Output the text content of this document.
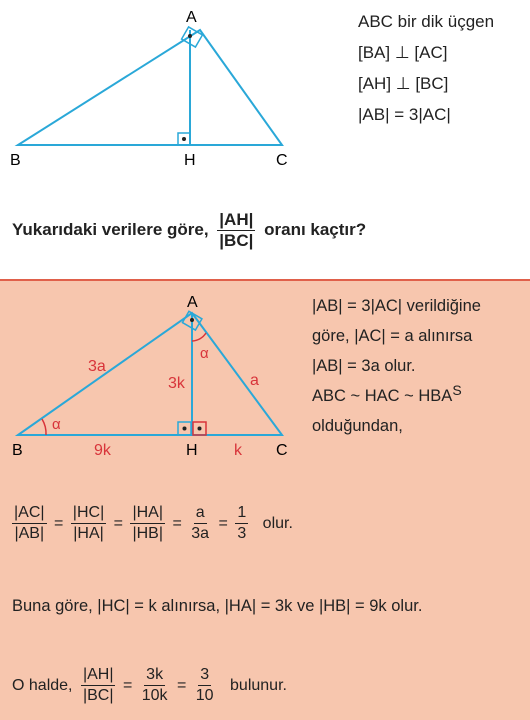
A
B	H	C
ABC bir dik üçgen
[BA] ⊥ [AC]
[AH] ⊥ [BC]
|AB| = 3|AC|
Yukarıdaki verilere göre, $\frac{|AH|}{|BC|}$ oranı kaçtır?
A
B	H	C
3a
a
3k
9k	k
α
α
|AB| = 3|AC| verildiğine
göre, |AC| = a alınırsa
|AB| = 3a olur.
ABC ~ HAC ~ $HBA^S$
olduğundan,
$\frac{|AC|}{|AB|} = \frac{|HC|}{|HA|} = \frac{|HA|}{|HB|} = \frac{a}{3a} = \frac{1}{3}$ olur.
Buna göre, |HC| = k alınırsa, |HA| = 3k ve |HB| = 9k olur.
O halde, $\frac{|AH|}{|BC|} = \frac{3k}{10k} = \frac{3}{10}$ bulunur.
